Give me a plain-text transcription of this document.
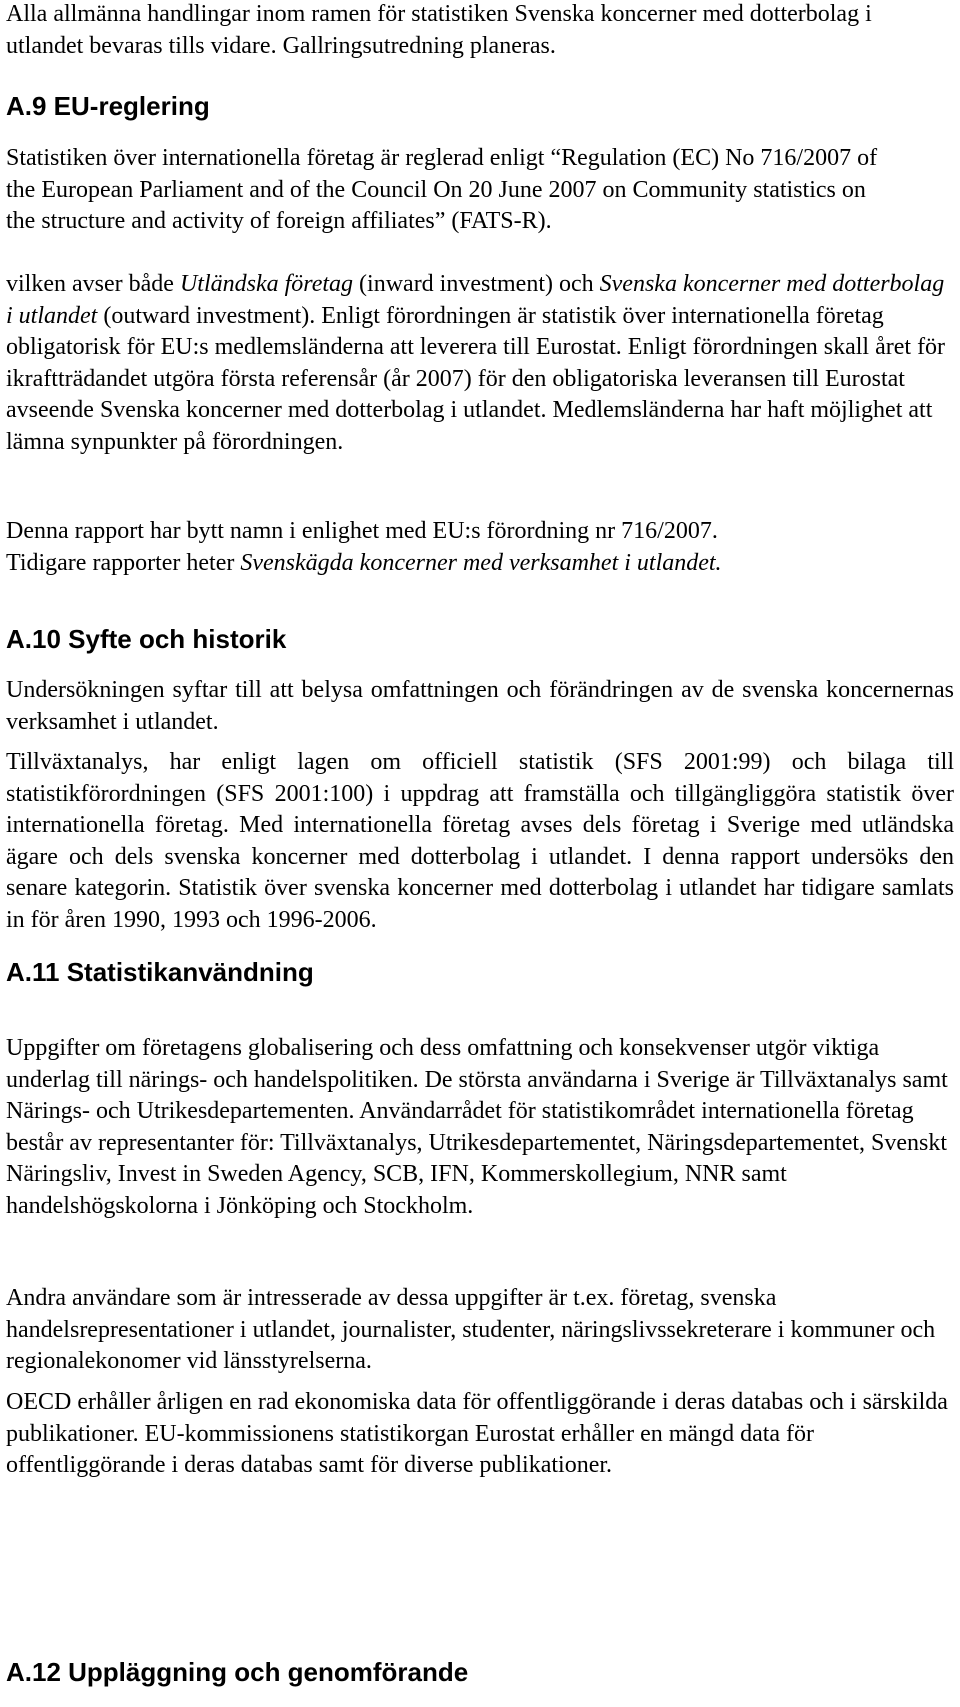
Alla allmänna handlingar inom ramen för statistiken Svenska koncerner med dotterbolag i utlandet bevaras tills vidare. Gallringsutredning planeras.

A.9 EU-reglering

Statistiken över internationella företag är reglerad enligt “Regulation (EC) No 716/2007 of the European Parliament and of the Council On 20 June 2007 on Community statistics on the structure and activity of foreign affiliates” (FATS-R).

vilken avser både Utländska företag (inward investment) och Svenska koncerner med dotterbolag i utlandet (outward investment). Enligt förordningen är statistik över internationella företag obligatorisk för EU:s medlemsländerna att leverera till Eurostat. Enligt förordningen skall året för ikraftträdandet utgöra första referensår (år 2007) för den obligatoriska leveransen till Eurostat avseende Svenska koncerner med dotterbolag i utlandet. Medlemsländerna har haft möjlighet att lämna synpunkter på förordningen.

Denna rapport har bytt namn i enlighet med EU:s förordning nr 716/2007.
Tidigare rapporter heter Svenskägda koncerner med verksamhet i utlandet.

A.10 Syfte och historik

Undersökningen syftar till att belysa omfattningen och förändringen av de svenska koncernernas verksamhet i utlandet.

Tillväxtanalys, har enligt lagen om officiell statistik (SFS 2001:99) och bilaga till statistikförordningen (SFS 2001:100) i uppdrag att framställa och tillgängliggöra statistik över internationella företag. Med internationella företag avses dels företag i Sverige med utländska ägare och dels svenska koncerner med dotterbolag i utlandet. I denna rapport undersöks den senare kategorin. Statistik över svenska koncerner med dotterbolag i utlandet har tidigare samlats in för åren 1990, 1993 och 1996-2006.

A.11 Statistikanvändning

Uppgifter om företagens globalisering och dess omfattning och konsekvenser utgör viktiga underlag till närings- och handelspolitiken. De största användarna i Sverige är Tillväxtanalys samt Närings- och Utrikesdepartementen. Användarrådet för statistikområdet internationella företag består av representanter för: Tillväxtanalys, Utrikesdepartementet, Näringsdepartementet, Svenskt Näringsliv, Invest in Sweden Agency, SCB, IFN, Kommerskollegium, NNR samt handelshögskolorna i Jönköping och Stockholm.

Andra användare som är intresserade av dessa uppgifter är t.ex. företag, svenska handelsrepresentationer i utlandet, journalister, studenter, näringslivssekreterare i kommuner och regionalekonomer vid länsstyrelserna.

OECD erhåller årligen en rad ekonomiska data för offentliggörande i deras databas och i särskilda publikationer. EU-kommissionens statistikorgan Eurostat erhåller en mängd data för offentliggörande i deras databas samt för diverse publikationer.

A.12 Uppläggning och genomförande
